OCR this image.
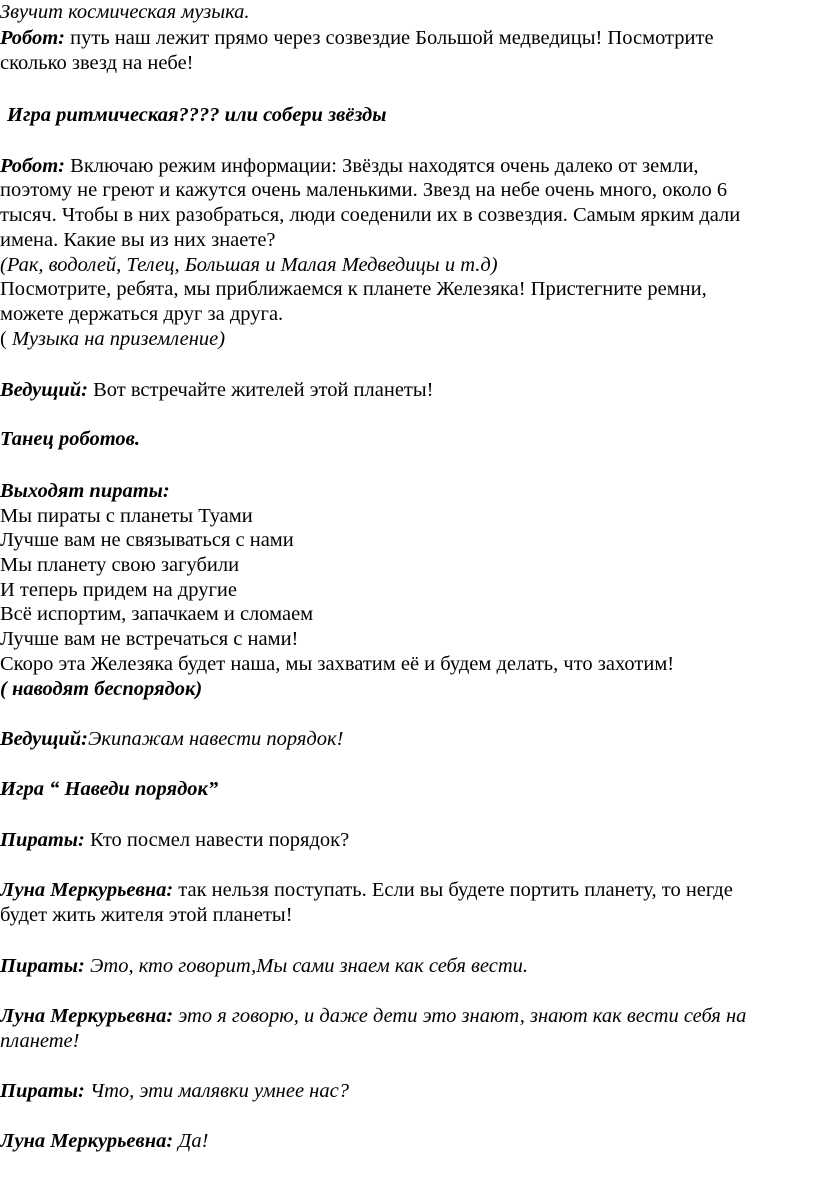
Звучит космическая музыка.
Робот: путь наш лежит прямо через созвездие Большой медведицы! Посмотрите
сколько звезд на небе!
Игра ритмическая???? или собери звёзды
Робот: Включаю режим информации: Звёзды находятся очень далеко от земли,
поэтому не греют и кажутся очень маленькими. Звезд на небе очень много, около 6
тысяч. Чтобы в них разобраться, люди соеденили их в созвездия. Самым ярким дали
имена. Какие вы из них знаете?
(Рак, водолей, Телец, Большая и Малая Медведицы и т.д)
Посмотрите, ребята, мы приближаемся к планете Железяка! Пристегните ремни,
можете держаться друг за друга.
( Музыка на приземление)
Ведущий: Вот встречайте жителей этой планеты!
Танец роботов.
Выходят пираты:
Мы пираты с планеты Туами
Лучше вам не связываться с нами
Мы планету свою загубили
И теперь придем на другие
Всё испортим, запачкаем и сломаем
Лучше вам не встречаться с нами!
Скоро эта Железяка будет наша, мы захватим её и будем делать, что захотим!
( наводят беспорядок)
Ведущий:Экипажам навести порядок!
Игра “ Наведи порядок”
Пираты: Кто посмел навести порядок?
Луна Меркурьевна: так нельзя поступать. Если вы будете портить планету, то негде
будет жить жителя этой планеты!
Пираты: Это, кто говорит,Мы сами знаем как себя вести.
Луна Меркурьевна: это я говорю, и даже дети это знают, знают как вести себя на
планете!
Пираты: Что, эти малявки умнее нас?
Луна Меркурьевна: Да!
